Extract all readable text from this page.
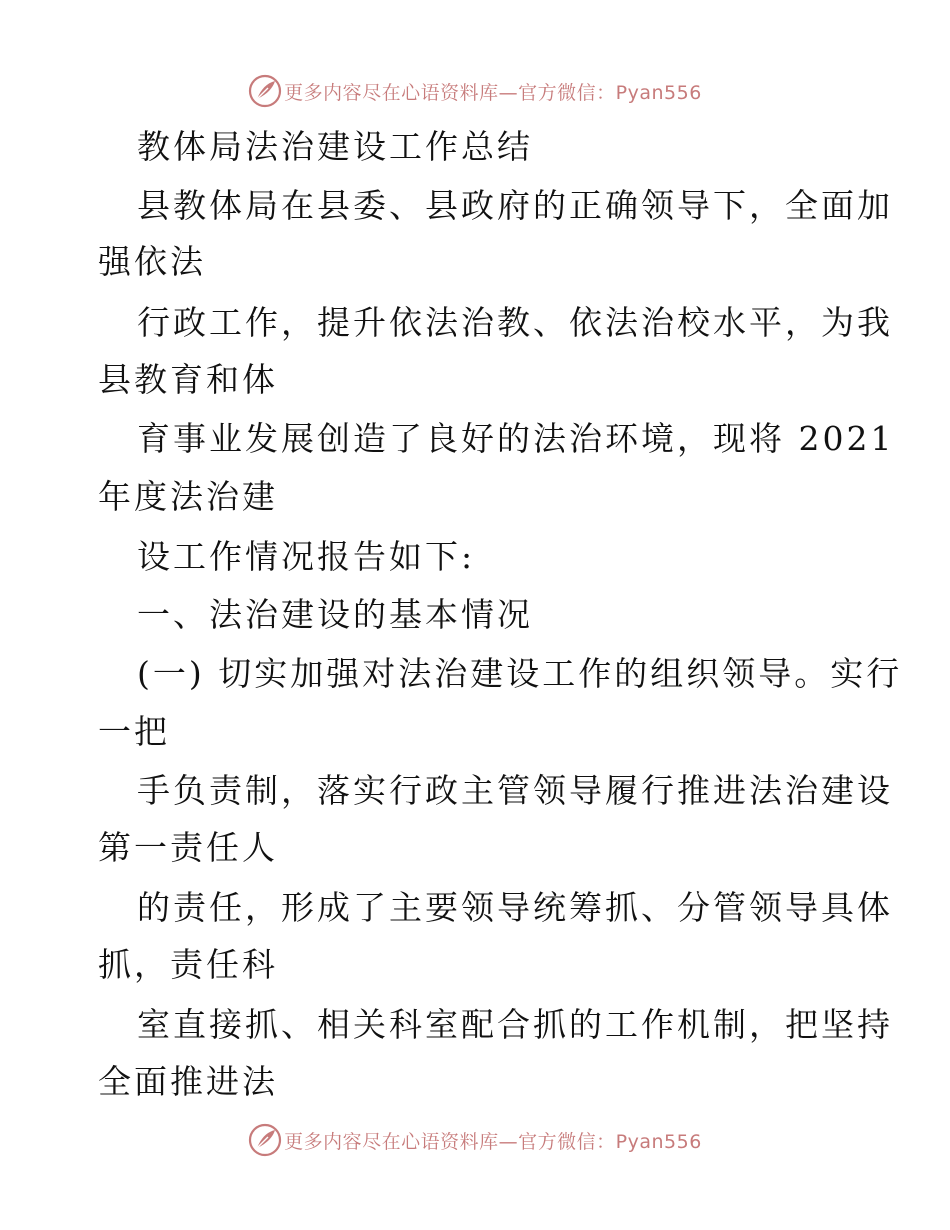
更多内容尽在心语资料库—官方微信：Pyan556
教体局法治建设工作总结
县教体局在县委、县政府的正确领导下，全面加
强依法
行政工作，提升依法治教、依法治校水平，为我
县教育和体
育事业发展创造了良好的法治环境，现将 2021
年度法治建
设工作情况报告如下:
一、法治建设的基本情况
(一) 切实加强对法治建设工作的组织领导。实行
一把
手负责制，落实行政主管领导履行推进法治建设
第一责任人
的责任，形成了主要领导统筹抓、分管领导具体
抓，责任科
室直接抓、相关科室配合抓的工作机制，把坚持
全面推进法
更多内容尽在心语资料库—官方微信：Pyan556
